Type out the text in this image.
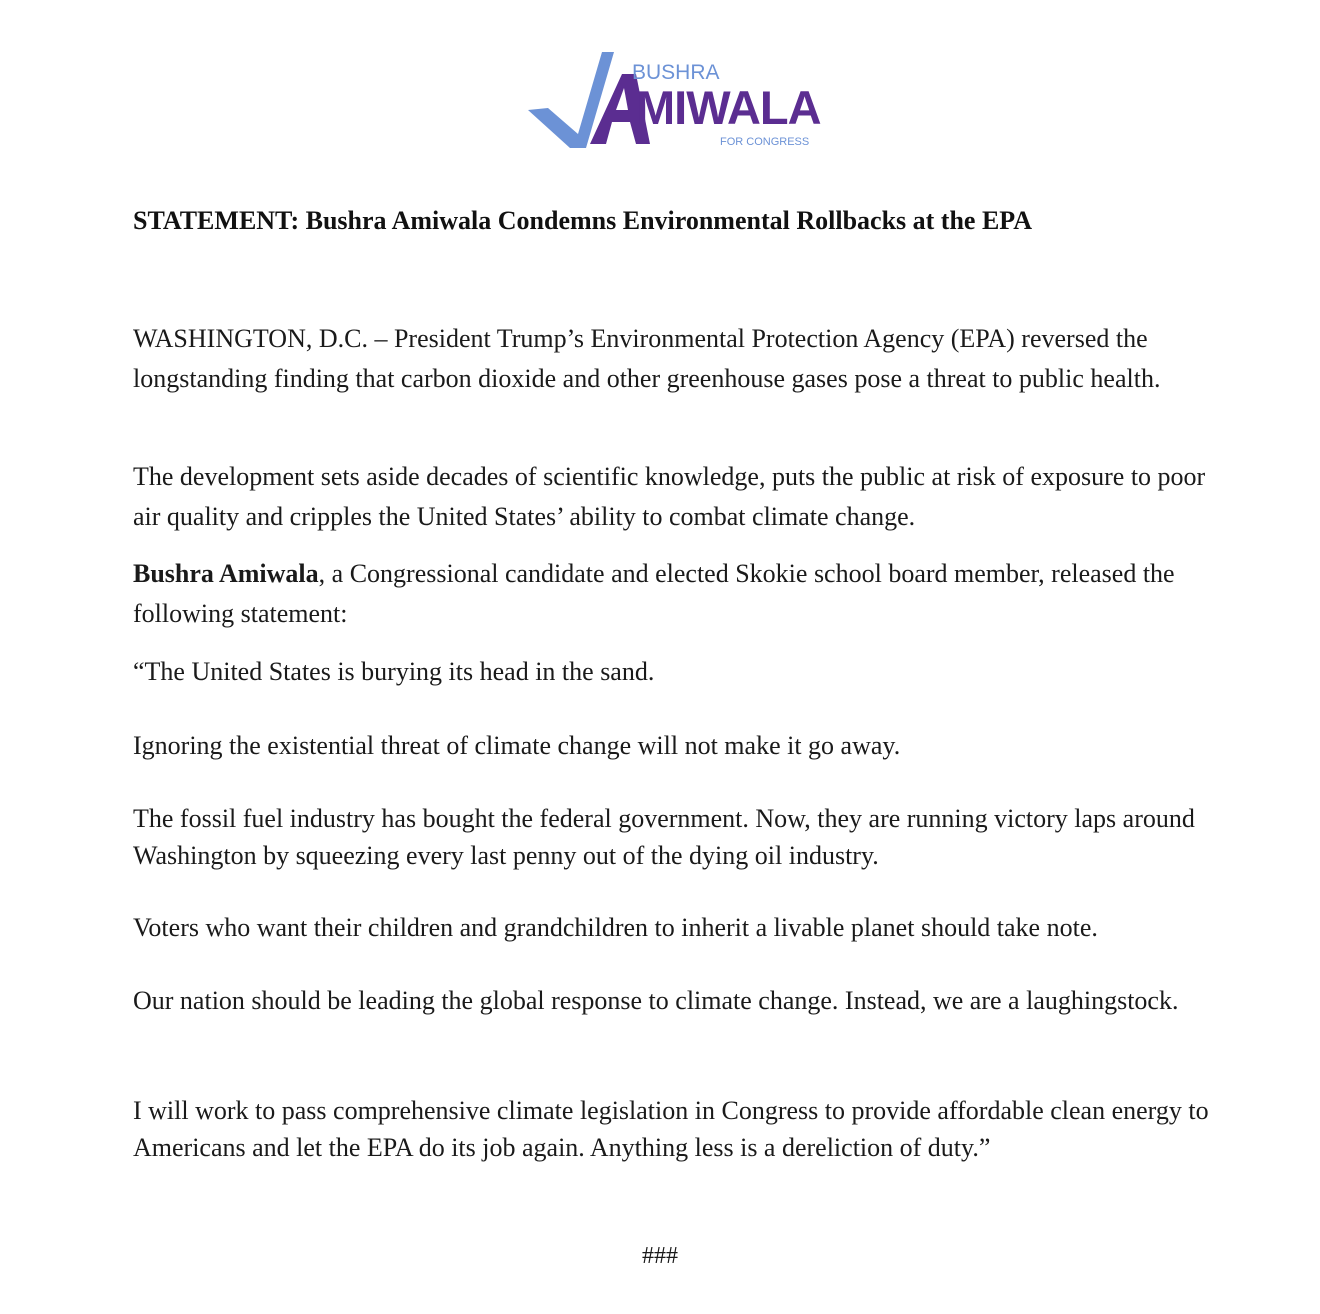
BUSHRA
MIWALA
FOR CONGRESS
STATEMENT: Bushra Amiwala Condemns Environmental Rollbacks at the EPA

WASHINGTON, D.C. – President Trump’s Environmental Protection Agency (EPA) reversed the longstanding finding that carbon dioxide and other greenhouse gases pose a threat to public health.

The development sets aside decades of scientific knowledge, puts the public at risk of exposure to poor air quality and cripples the United States’ ability to combat climate change.

Bushra Amiwala, a Congressional candidate and elected Skokie school board member, released the following statement:

“The United States is burying its head in the sand.

Ignoring the existential threat of climate change will not make it go away.

The fossil fuel industry has bought the federal government. Now, they are running victory laps around Washington by squeezing every last penny out of the dying oil industry.

Voters who want their children and grandchildren to inherit a livable planet should take note.

Our nation should be leading the global response to climate change. Instead, we are a laughingstock.

I will work to pass comprehensive climate legislation in Congress to provide affordable clean energy to Americans and let the EPA do its job again. Anything less is a dereliction of duty.”

###
